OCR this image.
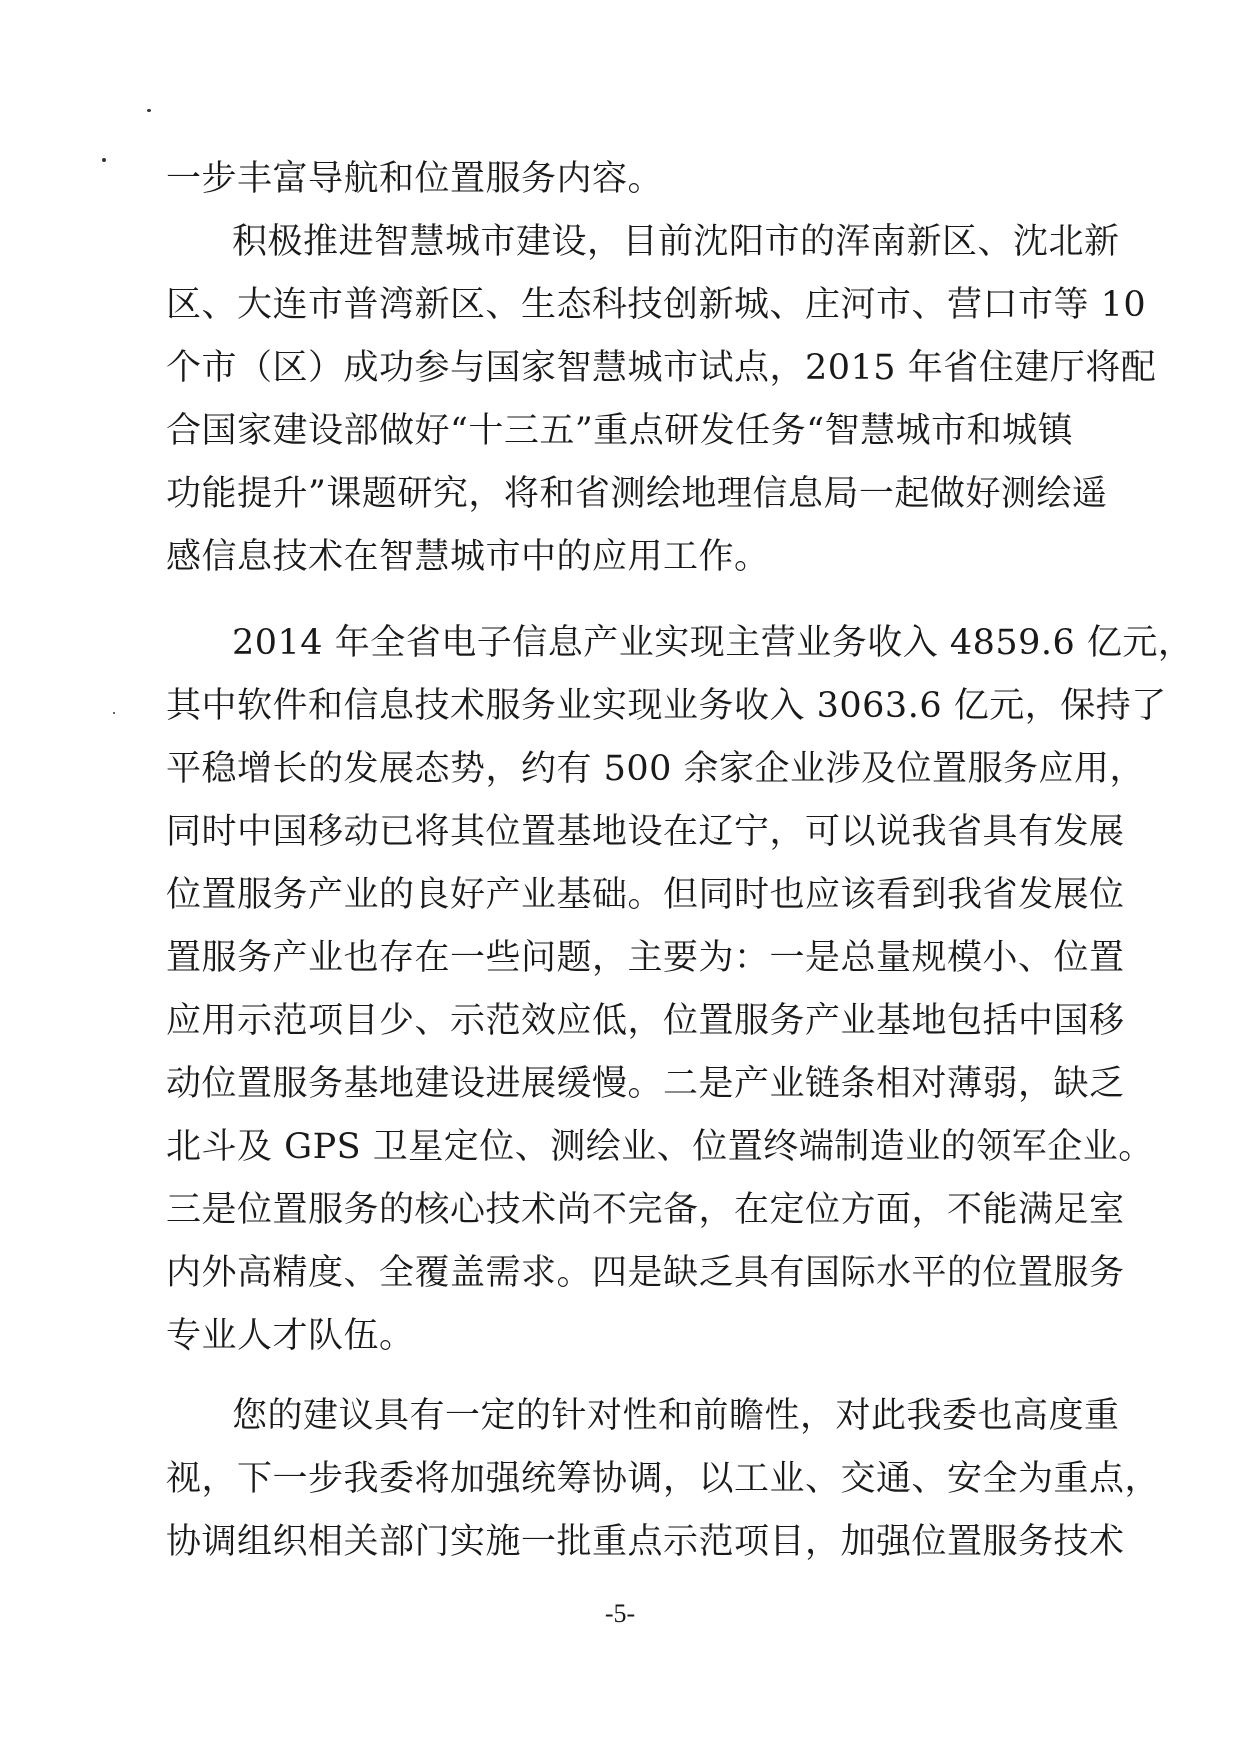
一步丰富导航和位置服务内容。
积极推进智慧城市建设，目前沈阳市的浑南新区、沈北新
区、大连市普湾新区、生态科技创新城、庄河市、营口市等 10
个市（区）成功参与国家智慧城市试点，2015 年省住建厅将配
合国家建设部做好“十三五”重点研发任务“智慧城市和城镇
功能提升”课题研究，将和省测绘地理信息局一起做好测绘遥
感信息技术在智慧城市中的应用工作。
2014 年全省电子信息产业实现主营业务收入 4859.6 亿元，
其中软件和信息技术服务业实现业务收入 3063.6 亿元，保持了
平稳增长的发展态势，约有 500 余家企业涉及位置服务应用，
同时中国移动已将其位置基地设在辽宁，可以说我省具有发展
位置服务产业的良好产业基础。但同时也应该看到我省发展位
置服务产业也存在一些问题，主要为：一是总量规模小、位置
应用示范项目少、示范效应低，位置服务产业基地包括中国移
动位置服务基地建设进展缓慢。二是产业链条相对薄弱，缺乏
北斗及 GPS 卫星定位、测绘业、位置终端制造业的领军企业。
三是位置服务的核心技术尚不完备，在定位方面，不能满足室
内外高精度、全覆盖需求。四是缺乏具有国际水平的位置服务
专业人才队伍。
您的建议具有一定的针对性和前瞻性，对此我委也高度重
视，下一步我委将加强统筹协调，以工业、交通、安全为重点，
协调组织相关部门实施一批重点示范项目，加强位置服务技术
-5-
